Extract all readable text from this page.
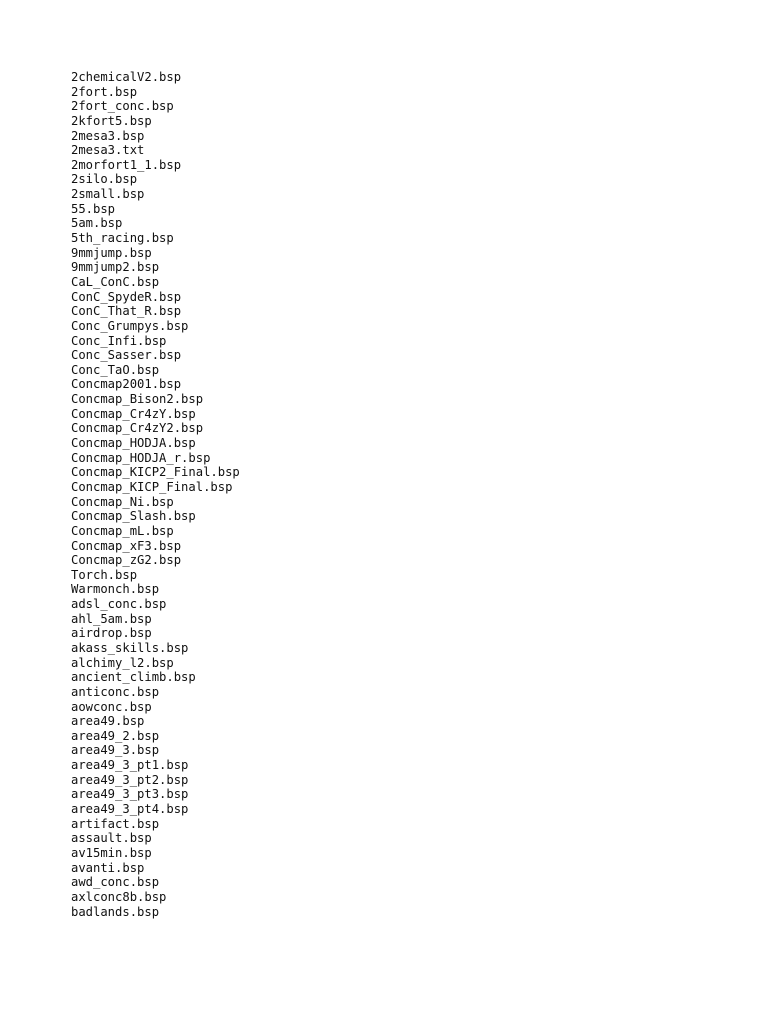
2chemicalV2.bsp
2fort.bsp
2fort_conc.bsp
2kfort5.bsp
2mesa3.bsp
2mesa3.txt
2morfort1_1.bsp
2silo.bsp
2small.bsp
55.bsp
5am.bsp
5th_racing.bsp
9mmjump.bsp
9mmjump2.bsp
CaL_ConC.bsp
ConC_SpydeR.bsp
ConC_That_R.bsp
Conc_Grumpys.bsp
Conc_Infi.bsp
Conc_Sasser.bsp
Conc_TaO.bsp
Concmap2001.bsp
Concmap_Bison2.bsp
Concmap_Cr4zY.bsp
Concmap_Cr4zY2.bsp
Concmap_HODJA.bsp
Concmap_HODJA_r.bsp
Concmap_KICP2_Final.bsp
Concmap_KICP_Final.bsp
Concmap_Ni.bsp
Concmap_Slash.bsp
Concmap_mL.bsp
Concmap_xF3.bsp
Concmap_zG2.bsp
Torch.bsp
Warmonch.bsp
adsl_conc.bsp
ahl_5am.bsp
airdrop.bsp
akass_skills.bsp
alchimy_l2.bsp
ancient_climb.bsp
anticonc.bsp
aowconc.bsp
area49.bsp
area49_2.bsp
area49_3.bsp
area49_3_pt1.bsp
area49_3_pt2.bsp
area49_3_pt3.bsp
area49_3_pt4.bsp
artifact.bsp
assault.bsp
av15min.bsp
avanti.bsp
awd_conc.bsp
axlconc8b.bsp
badlands.bsp
